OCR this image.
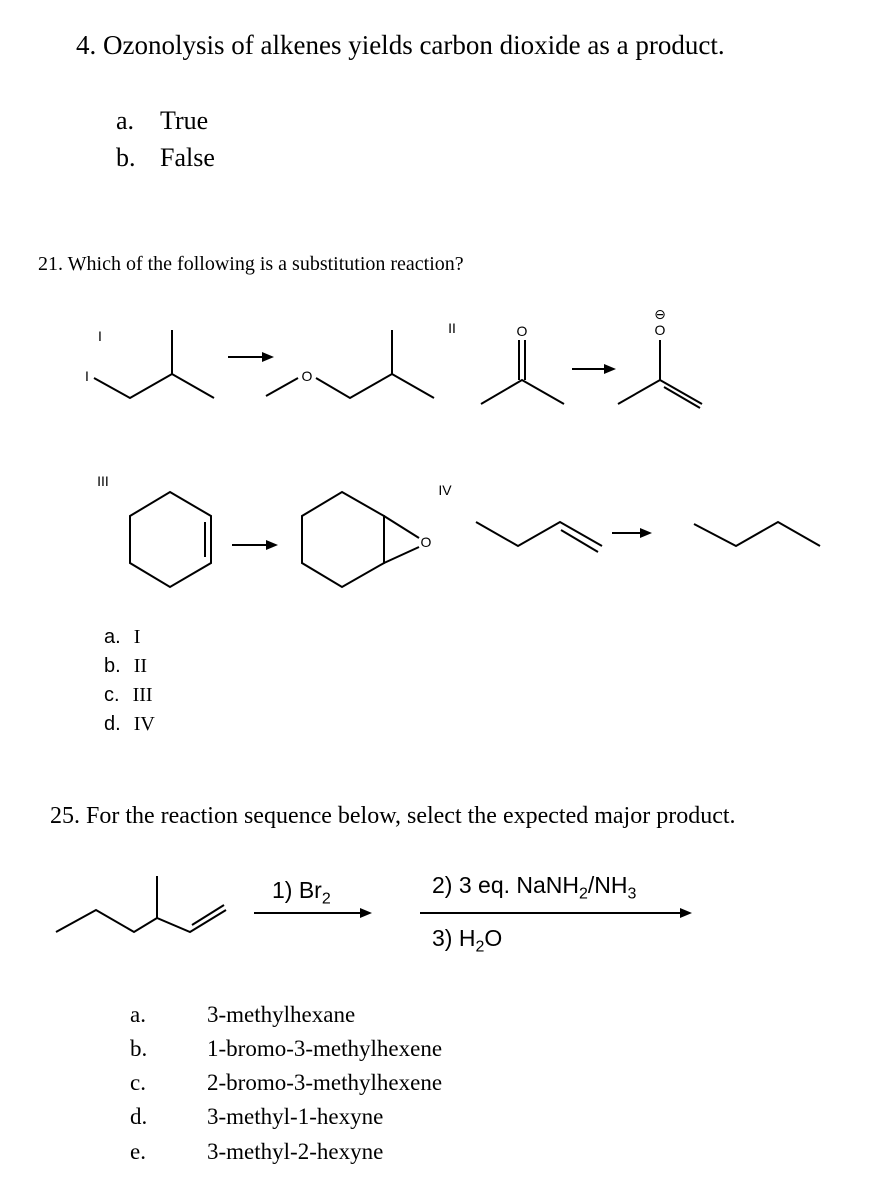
4. Ozonolysis of alkenes yields carbon dioxide as a product.
a. True
b. False
21. Which of the following is a substitution reaction?
I
I	O
II	O
⊖
O
III
O
IV
a. I
b. II
c. III
d. IV
25. For the reaction sequence below, select the expected major product.
1) $Br_2$
2) 3 eq. $NaNH_2/NH_3$
3) $H_2O$
a.	3-methylhexane
b.	1-bromo-3-methylhexene
c.	2-bromo-3-methylhexene
d.	3-methyl-1-hexyne
e.	3-methyl-2-hexyne
